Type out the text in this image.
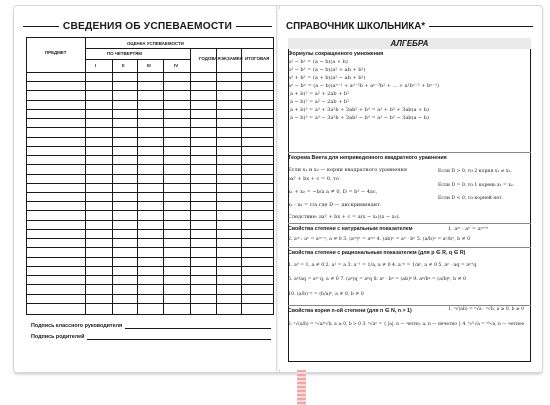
СВЕДЕНИЯ ОБ УСПЕВАЕМОСТИ
ПРЕДМЕТ
ОЦЕНКА УСПЕВАЕМОСТИ
ПО ЧЕТВЕРТЯМ
I	II	III	IV
ГОДОВАЯ ЭКЗАМЕН ИТОГОВАЯ
Подпись классного руководителя
Подпись родителей
СПРАВОЧНИК ШКОЛЬНИКА*
АЛГЕБРА
Формулы сокращенного умножения
a² − b² = (a − b)(a + b)
a³ − b³ = (a − b)(a² + ab + b²)
a³ + b³ = (a + b)(a² − ab + b²)
aⁿ − bⁿ = (a − b)(aⁿ⁻¹ + aⁿ⁻²b + aⁿ⁻³b² + ... + a¹bⁿ⁻² + bⁿ⁻¹)
(a + b)² = a² + 2ab + b²
(a − b)² = a² − 2ab + b²
(a + b)³ = a³ + 3a²b + 3ab² + b³ = a³ + b³ + 3ab(a + b)
(a − b)³ = a³ − 3a²b + 3ab² − b³ = a³ − b³ − 3ab(a − b)
Теорема Виета для неприведенного квадратного уравнения
Если x₁ и x₂ — корни квадратного уравнения
ax² + bx + c = 0, то
x₁ + x₂ = −b/a a ≠ 0, D = b² − 4ac,
x₁ · x₂ = c/a где D — дискриминант.
Следствие: ax² + bx + c = a(x − x₁)(x − x₂).
Если D > 0, то 2 корня x₁ ≠ x₂.
Если D = 0, то 1 корень x₁ = x₂.
Если D < 0, то корней нет.
Свойства степени с натуральным показателем	1. aᵐ · aⁿ = aᵐ⁺ⁿ
2. aᵐ : aⁿ = aᵐ⁻ⁿ, a ≠ 0 3. (aᵐ)ⁿ = aᵐⁿ 4. (ab)ⁿ = aⁿ · bⁿ 5. (a/b)ⁿ = aⁿ/bⁿ, b ≠ 0
Свойства степени с рациональным показателем (для p ∈ R, q ∈ R)
1. a⁰ = 1, a ≠ 0 2. a¹ = a 3. a⁻¹ = 1/a, a ≠ 0 4. a⁻ᵖ = 1/aᵖ, a ≠ 0 5. aᵖ · aq = aᵖ⁺q
6. aᵖ/aq = aᵖ⁻q, a ≠ 0 7. (aᵖ)q = aᵖq 8. aᵖ · bᵖ = (ab)ᵖ 9. aᵖ/bᵖ = (a/b)ᵖ, b ≠ 0
10. (a/b)⁻ᵖ = (b/a)ᵖ, a ≠ 0, b ≠ 0
Свойства корня n-ой степени (для n ∈ N, n > 1)	1. ⁿ√(ab) = ⁿ√a · ⁿ√b, a ≥ 0, b ≥ 0
2. ⁿ√(a/b) = ⁿ√a/ⁿ√b, a ≥ 0, b > 0 3. ⁿ√aⁿ = { |a|, n — четно; a, n — нечетно } 4. ᵏ√ⁿ√a = ⁿᵏ√a, n — четное
